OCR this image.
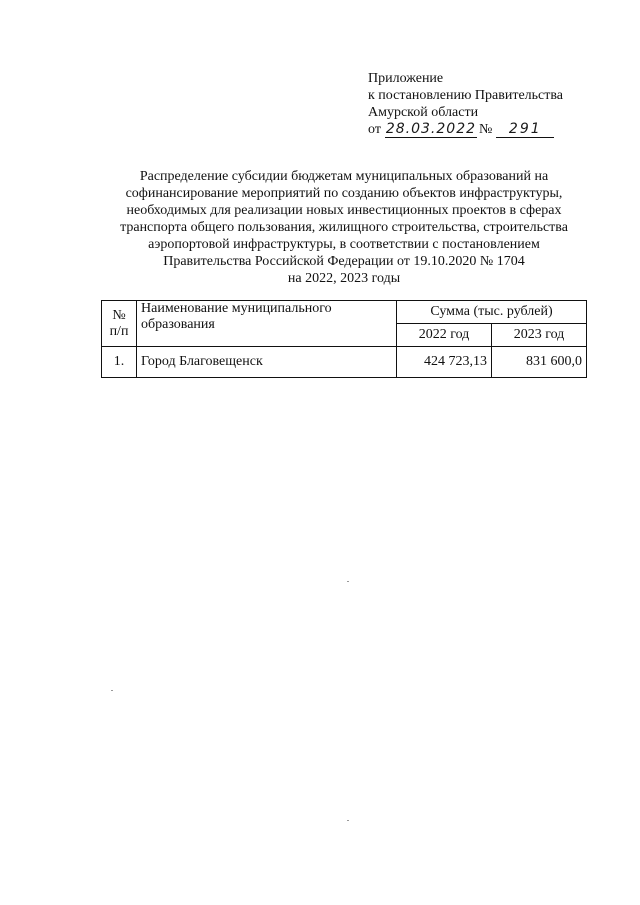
Приложение
к постановлению Правительства
Амурской области
от 28.03.2022 №	291
Распределение субсидии бюджетам муниципальных образований на
софинансирование мероприятий по созданию объектов инфраструктуры,
необходимых для реализации новых инвестиционных проектов в сферах
транспорта общего пользования, жилищного строительства, строительства
аэропортовой инфраструктуры, в соответствии с постановлением
Правительства Российской Федерации от 19.10.2020 № 1704
на 2022, 2023 годы
№
п/п	Наименование муниципального образования	Сумма (тыс. рублей)	
		2022 год	2023 год
1.	Город Благовещенск	424 723,13	831 600,0
